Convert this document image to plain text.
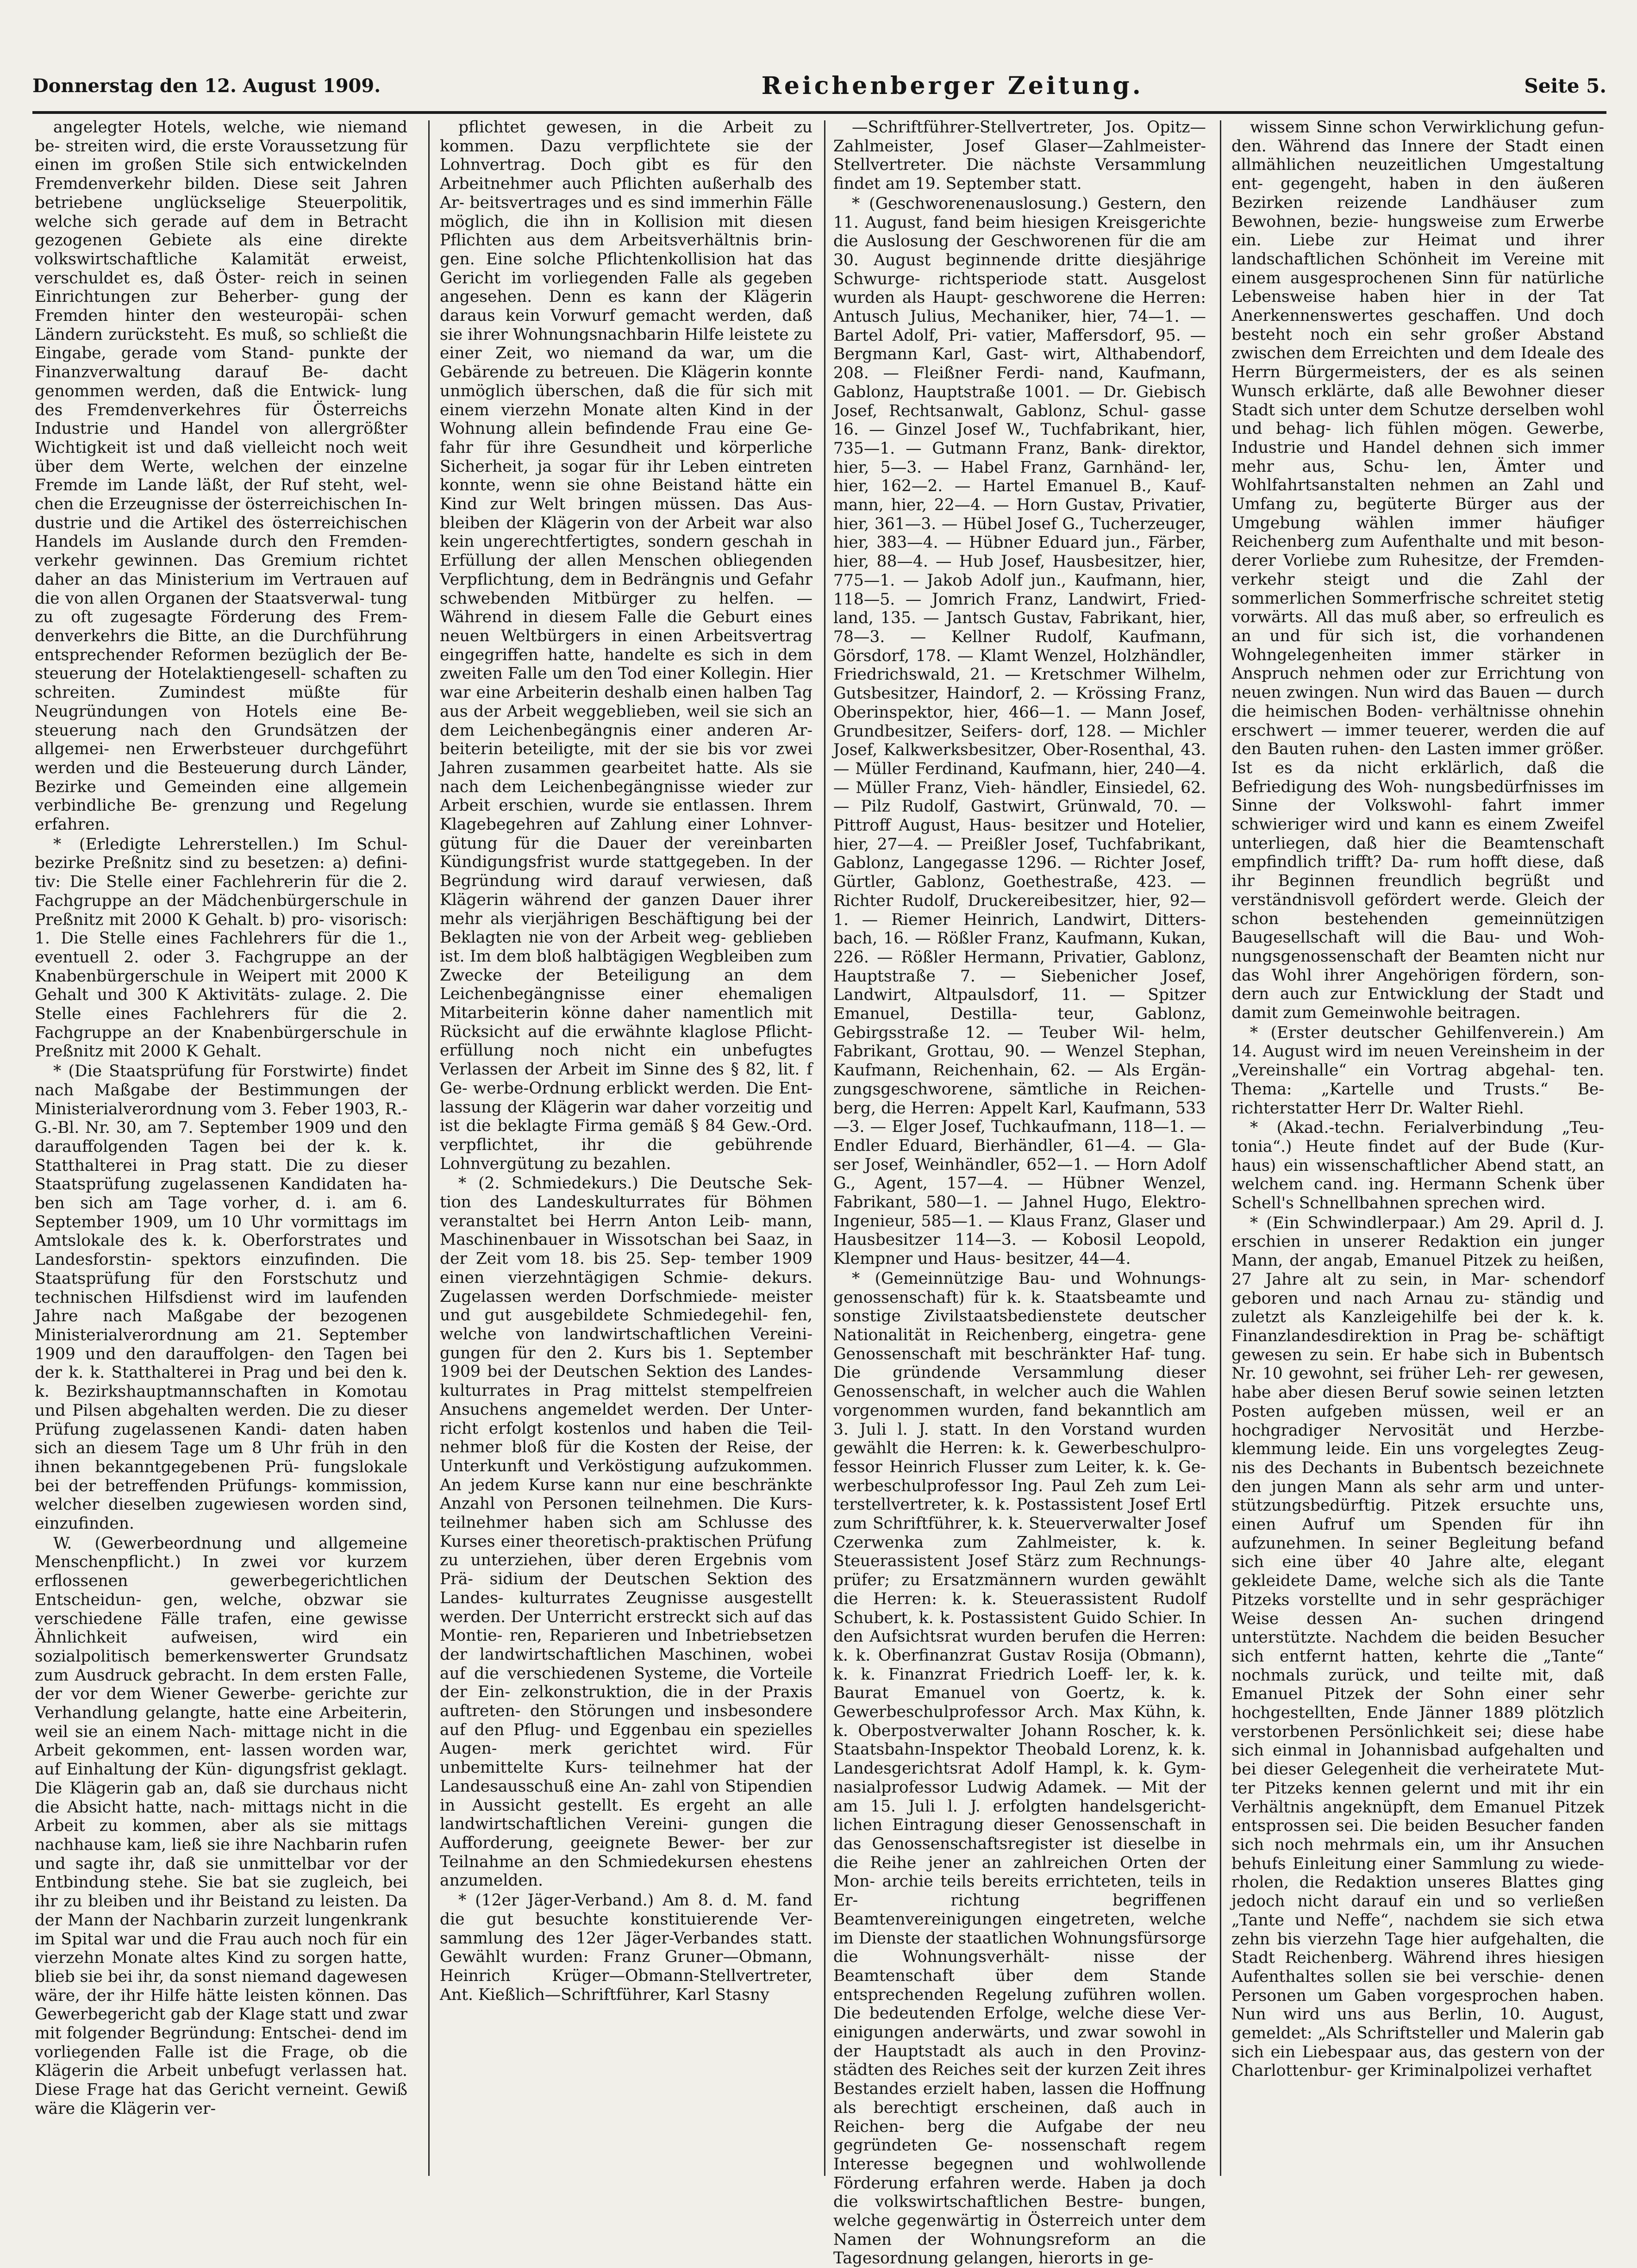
Donnerstag den 12. August 1909.	Reichenberger Zeitung.	Seite 5.

angelegter Hotels, welche, wie niemand be- streiten wird, die erste Voraussetzung für einen im großen Stile sich entwickelnden Fremdenverkehr bilden. Diese seit Jahren betriebene unglückselige Steuerpolitik, welche sich gerade auf dem in Betracht gezogenen Gebiete als eine direkte volkswirtschaftliche Kalamität erweist, verschuldet es, daß Öster- reich in seinen Einrichtungen zur Beherber- gung der Fremden hinter den westeuropäi- schen Ländern zurücksteht. Es muß, so schließt die Eingabe, gerade vom Stand- punkte der Finanzverwaltung darauf Be- dacht genommen werden, daß die Entwick- lung des Fremdenverkehres für Österreichs Industrie und Handel von allergrößter Wichtigkeit ist und daß vielleicht noch weit über dem Werte, welchen der einzelne Fremde im Lande läßt, der Ruf steht, wel- chen die Erzeugnisse der österreichischen In- dustrie und die Artikel des österreichischen Handels im Auslande durch den Fremden- verkehr gewinnen. Das Gremium richtet daher an das Ministerium im Vertrauen auf die von allen Organen der Staatsverwal- tung zu oft zugesagte Förderung des Frem- denverkehrs die Bitte, an die Durchführung entsprechender Reformen bezüglich der Be- steuerung der Hotelaktiengesell- schaften zu schreiten. Zumindest müßte für Neugründungen von Hotels eine Be- steuerung nach den Grundsätzen der allgemei- nen Erwerbsteuer durchgeführt werden und die Besteuerung durch Länder, Bezirke und Gemeinden eine allgemein verbindliche Be- grenzung und Regelung erfahren.

* (Erledigte Lehrerstellen.) Im Schul- bezirke Preßnitz sind zu besetzen: a) defini- tiv: Die Stelle einer Fachlehrerin für die 2. Fachgruppe an der Mädchenbürgerschule in Preßnitz mit 2000 K Gehalt. b) pro- visorisch: 1. Die Stelle eines Fachlehrers für die 1., eventuell 2. oder 3. Fachgruppe an der Knabenbürgerschule in Weipert mit 2000 K Gehalt und 300 K Aktivitäts- zulage. 2. Die Stelle eines Fachlehrers für die 2. Fachgruppe an der Knabenbürgerschule in Preßnitz mit 2000 K Gehalt.

* (Die Staatsprüfung für Forstwirte) findet nach Maßgabe der Bestimmungen der Ministerialverordnung vom 3. Feber 1903, R.-G.-Bl. Nr. 30, am 7. September 1909 und den darauffolgenden Tagen bei der k. k. Statthalterei in Prag statt. Die zu dieser Staatsprüfung zugelassenen Kandidaten ha- ben sich am Tage vorher, d. i. am 6. September 1909, um 10 Uhr vormittags im Amtslokale des k. k. Oberforstrates und Landesforstin- spektors einzufinden. Die Staatsprüfung für den Forstschutz und technischen Hilfsdienst wird im laufenden Jahre nach Maßgabe der bezogenen Ministerialverordnung am 21. September 1909 und den darauffolgen- den Tagen bei der k. k. Statthalterei in Prag und bei den k. k. Bezirkshauptmannschaften in Komotau und Pilsen abgehalten werden. Die zu dieser Prüfung zugelassenen Kandi- daten haben sich an diesem Tage um 8 Uhr früh in den ihnen bekanntgegebenen Prü- fungslokale bei der betreffenden Prüfungs- kommission, welcher dieselben zugewiesen worden sind, einzufinden.

W. (Gewerbeordnung und allgemeine Menschenpflicht.) In zwei vor kurzem erflossenen gewerbegerichtlichen Entscheidun- gen, welche, obzwar sie verschiedene Fälle trafen, eine gewisse Ähnlichkeit aufweisen, wird ein sozialpolitisch bemerkenswerter Grundsatz zum Ausdruck gebracht. In dem ersten Falle, der vor dem Wiener Gewerbe- gerichte zur Verhandlung gelangte, hatte eine Arbeiterin, weil sie an einem Nach- mittage nicht in die Arbeit gekommen, ent- lassen worden war, auf Einhaltung der Kün- digungsfrist geklagt. Die Klägerin gab an, daß sie durchaus nicht die Absicht hatte, nach- mittags nicht in die Arbeit zu kommen, aber als sie mittags nachhause kam, ließ sie ihre Nachbarin rufen und sagte ihr, daß sie unmittelbar vor der Entbindung stehe. Sie bat sie zugleich, bei ihr zu bleiben und ihr Beistand zu leisten. Da der Mann der Nachbarin zurzeit lungenkrank im Spital war und die Frau auch noch für ein vierzehn Monate altes Kind zu sorgen hatte, blieb sie bei ihr, da sonst niemand dagewesen wäre, der ihr Hilfe hätte leisten können. Das Gewerbegericht gab der Klage statt und zwar mit folgender Begründung: Entschei- dend im vorliegenden Falle ist die Frage, ob die Klägerin die Arbeit unbefugt verlassen hat. Diese Frage hat das Gericht verneint. Gewiß wäre die Klägerin ver-

pflichtet gewesen, in die Arbeit zu kommen. Dazu verpflichtete sie der Lohnvertrag. Doch gibt es für den Arbeitnehmer auch Pflichten außerhalb des Ar- beitsvertrages und es sind immerhin Fälle möglich, die ihn in Kollision mit diesen Pflichten aus dem Arbeitsverhältnis brin- gen. Eine solche Pflichtenkollision hat das Gericht im vorliegenden Falle als gegeben angesehen. Denn es kann der Klägerin daraus kein Vorwurf gemacht werden, daß sie ihrer Wohnungsnachbarin Hilfe leistete zu einer Zeit, wo niemand da war, um die Gebärende zu betreuen. Die Klägerin konnte unmöglich überschen, daß die für sich mit einem vierzehn Monate alten Kind in der Wohnung allein befindende Frau eine Ge- fahr für ihre Gesundheit und körperliche Sicherheit, ja sogar für ihr Leben eintreten konnte, wenn sie ohne Beistand hätte ein Kind zur Welt bringen müssen. Das Aus- bleiben der Klägerin von der Arbeit war also kein ungerechtfertigtes, sondern geschah in Erfüllung der allen Menschen obliegenden Verpflichtung, dem in Bedrängnis und Gefahr schwebenden Mitbürger zu helfen. — Während in diesem Falle die Geburt eines neuen Weltbürgers in einen Arbeitsvertrag eingegriffen hatte, handelte es sich in dem zweiten Falle um den Tod einer Kollegin. Hier war eine Arbeiterin deshalb einen halben Tag aus der Arbeit weggeblieben, weil sie sich an dem Leichenbegängnis einer anderen Ar- beiterin beteiligte, mit der sie bis vor zwei Jahren zusammen gearbeitet hatte. Als sie nach dem Leichenbegängnisse wieder zur Arbeit erschien, wurde sie entlassen. Ihrem Klagebegehren auf Zahlung einer Lohnver- gütung für die Dauer der vereinbarten Kündigungsfrist wurde stattgegeben. In der Begründung wird darauf verwiesen, daß Klägerin während der ganzen Dauer ihrer mehr als vierjährigen Beschäftigung bei der Beklagten nie von der Arbeit weg- geblieben ist. Im dem bloß halbtägigen Wegbleiben zum Zwecke der Beteiligung an dem Leichenbegängnisse einer ehemaligen Mitarbeiterin könne daher namentlich mit Rücksicht auf die erwähnte klaglose Pflicht- erfüllung noch nicht ein unbefugtes Verlassen der Arbeit im Sinne des § 82, lit. f Ge- werbe-Ordnung erblickt werden. Die Ent- lassung der Klägerin war daher vorzeitig und ist die beklagte Firma gemäß § 84 Gew.-Ord. verpflichtet, ihr die gebührende Lohnvergütung zu bezahlen.

* (2. Schmiedekurs.) Die Deutsche Sek- tion des Landeskulturrates für Böhmen veranstaltet bei Herrn Anton Leib- mann, Maschinenbauer in Wissotschan bei Saaz, in der Zeit vom 18. bis 25. Sep- tember 1909 einen vierzehntägigen Schmie- dekurs. Zugelassen werden Dorfschmiede- meister und gut ausgebildete Schmiedegehil- fen, welche von landwirtschaftlichen Vereini- gungen für den 2. Kurs bis 1. September 1909 bei der Deutschen Sektion des Landes- kulturrates in Prag mittelst stempelfreien Ansuchens angemeldet werden. Der Unter- richt erfolgt kostenlos und haben die Teil- nehmer bloß für die Kosten der Reise, der Unterkunft und Verköstigung aufzukommen. An jedem Kurse kann nur eine beschränkte Anzahl von Personen teilnehmen. Die Kurs- teilnehmer haben sich am Schlusse des Kurses einer theoretisch-praktischen Prüfung zu unterziehen, über deren Ergebnis vom Prä- sidium der Deutschen Sektion des Landes- kulturrates Zeugnisse ausgestellt werden. Der Unterricht erstreckt sich auf das Montie- ren, Reparieren und Inbetriebsetzen der landwirtschaftlichen Maschinen, wobei auf die verschiedenen Systeme, die Vorteile der Ein- zelkonstruktion, die in der Praxis auftreten- den Störungen und insbesondere auf den Pflug- und Eggenbau ein spezielles Augen- merk gerichtet wird. Für unbemittelte Kurs- teilnehmer hat der Landesausschuß eine An- zahl von Stipendien in Aussicht gestellt. Es ergeht an alle landwirtschaftlichen Vereini- gungen die Aufforderung, geeignete Bewer- ber zur Teilnahme an den Schmiedekursen ehestens anzumelden.

* (12er Jäger-Verband.) Am 8. d. M. fand die gut besuchte konstituierende Ver- sammlung des 12er Jäger-Verbandes statt. Gewählt wurden: Franz Gruner—Obmann, Heinrich Krüger—Obmann-Stellvertreter, Ant. Kießlich—Schriftführer, Karl Stasny

—Schriftführer-Stellvertreter, Jos. Opitz— Zahlmeister, Josef Glaser—Zahlmeister- Stellvertreter. Die nächste Versammlung findet am 19. September statt.

* (Geschworenenauslosung.) Gestern, den 11. August, fand beim hiesigen Kreisgerichte die Auslosung der Geschworenen für die am 30. August beginnende dritte diesjährige Schwurge- richtsperiode statt. Ausgelost wurden als Haupt- geschworene die Herren: Antusch Julius, Mechaniker, hier, 74—1. — Bartel Adolf, Pri- vatier, Maffersdorf, 95. — Bergmann Karl, Gast- wirt, Althabendorf, 208. — Fleißner Ferdi- nand, Kaufmann, Gablonz, Hauptstraße 1001. — Dr. Giebisch Josef, Rechtsanwalt, Gablonz, Schul- gasse 16. — Ginzel Josef W., Tuchfabrikant, hier, 735—1. — Gutmann Franz, Bank- direktor, hier, 5—3. — Habel Franz, Garnhänd- ler, hier, 162—2. — Hartel Emanuel B., Kauf- mann, hier, 22—4. — Horn Gustav, Privatier, hier, 361—3. — Hübel Josef G., Tucherzeuger, hier, 383—4. — Hübner Eduard jun., Färber, hier, 88—4. — Hub Josef, Hausbesitzer, hier, 775—1. — Jakob Adolf jun., Kaufmann, hier, 118—5. — Jomrich Franz, Landwirt, Fried- land, 135. — Jantsch Gustav, Fabrikant, hier, 78—3. — Kellner Rudolf, Kaufmann, Görsdorf, 178. — Klamt Wenzel, Holzhändler, Friedrichswald, 21. — Kretschmer Wilhelm, Gutsbesitzer, Haindorf, 2. — Krössing Franz, Oberinspektor, hier, 466—1. — Mann Josef, Grundbesitzer, Seifers- dorf, 128. — Michler Josef, Kalkwerksbesitzer, Ober-Rosenthal, 43. — Müller Ferdinand, Kaufmann, hier, 240—4. — Müller Franz, Vieh- händler, Einsiedel, 62. — Pilz Rudolf, Gastwirt, Grünwald, 70. — Pittroff August, Haus- besitzer und Hotelier, hier, 27—4. — Preißler Josef, Tuchfabrikant, Gablonz, Langegasse 1296. — Richter Josef, Gürtler, Gablonz, Goethestraße, 423. — Richter Rudolf, Druckereibesitzer, hier, 92—1. — Riemer Heinrich, Landwirt, Ditters- bach, 16. — Rößler Franz, Kaufmann, Kukan, 226. — Rößler Hermann, Privatier, Gablonz, Hauptstraße 7. — Siebenicher Josef, Landwirt, Altpaulsdorf, 11. — Spitzer Emanuel, Destilla- teur, Gablonz, Gebirgsstraße 12. — Teuber Wil- helm, Fabrikant, Grottau, 90. — Wenzel Stephan, Kaufmann, Reichenhain, 62. — Als Ergän- zungsgeschworene, sämtliche in Reichen- berg, die Herren: Appelt Karl, Kaufmann, 533—3. — Elger Josef, Tuchkaufmann, 118—1. — Endler Eduard, Bierhändler, 61—4. — Gla- ser Josef, Weinhändler, 652—1. — Horn Adolf G., Agent, 157—4. — Hübner Wenzel, Fabrikant, 580—1. — Jahnel Hugo, Elektro-Ingenieur, 585—1. — Klaus Franz, Glaser und Hausbesitzer 114—3. — Kobosil Leopold, Klempner und Haus- besitzer, 44—4.

* (Gemeinnützige Bau- und Wohnungs- genossenschaft) für k. k. Staatsbeamte und sonstige Zivilstaatsbedienstete deutscher Nationalität in Reichenberg, eingetra- gene Genossenschaft mit beschränkter Haf- tung. Die gründende Versammlung dieser Genossenschaft, in welcher auch die Wahlen vorgenommen wurden, fand bekanntlich am 3. Juli l. J. statt. In den Vorstand wurden gewählt die Herren: k. k. Gewerbeschulpro- fessor Heinrich Flusser zum Leiter, k. k. Ge- werbeschulprofessor Ing. Paul Zeh zum Lei- terstellvertreter, k. k. Postassistent Josef Ertl zum Schriftführer, k. k. Steuerverwalter Josef Czerwenka zum Zahlmeister, k. k. Steuerassistent Josef Stärz zum Rechnungs- prüfer; zu Ersatzmännern wurden gewählt die Herren: k. k. Steuerassistent Rudolf Schubert, k. k. Postassistent Guido Schier. In den Aufsichtsrat wurden berufen die Herren: k. k. Oberfinanzrat Gustav Rosija (Obmann), k. k. Finanzrat Friedrich Loeff- ler, k. k. Baurat Emanuel von Goertz, k. k. Gewerbeschulprofessor Arch. Max Kühn, k. k. Oberpostverwalter Johann Roscher, k. k. Staatsbahn-Inspektor Theobald Lorenz, k. k. Landesgerichtsrat Adolf Hampl, k. k. Gym- nasialprofessor Ludwig Adamek. — Mit der am 15. Juli l. J. erfolgten handelsgericht- lichen Eintragung dieser Genossenschaft in das Genossenschaftsregister ist dieselbe in die Reihe jener an zahlreichen Orten der Mon- archie teils bereits errichteten, teils in Er- richtung begriffenen Beamtenvereinigungen eingetreten, welche im Dienste der staatlichen Wohnungsfürsorge die Wohnungsverhält- nisse der Beamtenschaft über dem Stande entsprechenden Regelung zuführen wollen. Die bedeutenden Erfolge, welche diese Ver- einigungen anderwärts, und zwar sowohl in der Hauptstadt als auch in den Provinz- städten des Reiches seit der kurzen Zeit ihres Bestandes erzielt haben, lassen die Hoffnung als berechtigt erscheinen, daß auch in Reichen- berg die Aufgabe der neu gegründeten Ge- nossenschaft regem Interesse begegnen und wohlwollende Förderung erfahren werde. Haben ja doch die volkswirtschaftlichen Bestre- bungen, welche gegenwärtig in Österreich unter dem Namen der Wohnungsreform an die Tagesordnung gelangen, hierorts in ge-

wissem Sinne schon Verwirklichung gefun- den. Während das Innere der Stadt einen allmählichen neuzeitlichen Umgestaltung ent- gegengeht, haben in den äußeren Bezirken reizende Landhäuser zum Bewohnen, bezie- hungsweise zum Erwerbe ein. Liebe zur Heimat und ihrer landschaftlichen Schönheit im Vereine mit einem ausgesprochenen Sinn für natürliche Lebensweise haben hier in der Tat Anerkennenswertes geschaffen. Und doch besteht noch ein sehr großer Abstand zwischen dem Erreichten und dem Ideale des Herrn Bürgermeisters, der es als seinen Wunsch erklärte, daß alle Bewohner dieser Stadt sich unter dem Schutze derselben wohl und behag- lich fühlen mögen. Gewerbe, Industrie und Handel dehnen sich immer mehr aus, Schu- len, Ämter und Wohlfahrtsanstalten nehmen an Zahl und Umfang zu, begüterte Bürger aus der Umgebung wählen immer häufiger Reichenberg zum Aufenthalte und mit beson- derer Vorliebe zum Ruhesitze, der Fremden- verkehr steigt und die Zahl der sommerlichen Sommerfrische schreitet stetig vorwärts. All das muß aber, so erfreulich es an und für sich ist, die vorhandenen Wohngelegenheiten immer stärker in Anspruch nehmen oder zur Errichtung von neuen zwingen. Nun wird das Bauen — durch die heimischen Boden- verhältnisse ohnehin erschwert — immer teuerer, werden die auf den Bauten ruhen- den Lasten immer größer. Ist es da nicht erklärlich, daß die Befriedigung des Woh- nungsbedürfnisses im Sinne der Volkswohl- fahrt immer schwieriger wird und kann es einem Zweifel unterliegen, daß hier die Beamtenschaft empfindlich trifft? Da- rum hofft diese, daß ihr Beginnen freundlich begrüßt und verständnisvoll gefördert werde. Gleich der schon bestehenden gemeinnützigen Baugesellschaft will die Bau- und Woh- nungsgenossenschaft der Beamten nicht nur das Wohl ihrer Angehörigen fördern, son- dern auch zur Entwicklung der Stadt und damit zum Gemeinwohle beitragen.

* (Erster deutscher Gehilfenverein.) Am 14. August wird im neuen Vereinsheim in der „Vereinshalle“ ein Vortrag abgehal- ten. Thema: „Kartelle und Trusts.“ Be- richterstatter Herr Dr. Walter Riehl.

* (Akad.-techn. Ferialverbindung „Teu- tonia“.) Heute findet auf der Bude (Kur- haus) ein wissenschaftlicher Abend statt, an welchem cand. ing. Hermann Schenk über Schell's Schnellbahnen sprechen wird.

* (Ein Schwindlerpaar.) Am 29. April d. J. erschien in unserer Redaktion ein junger Mann, der angab, Emanuel Pitzek zu heißen, 27 Jahre alt zu sein, in Mar- schendorf geboren und nach Arnau zu- ständig und zuletzt als Kanzleigehilfe bei der k. k. Finanzlandesdirektion in Prag be- schäftigt gewesen zu sein. Er habe sich in Bubentsch Nr. 10 gewohnt, sei früher Leh- rer gewesen, habe aber diesen Beruf sowie seinen letzten Posten aufgeben müssen, weil er an hochgradiger Nervosität und Herzbe- klemmung leide. Ein uns vorgelegtes Zeug- nis des Dechants in Bubentsch bezeichnete den jungen Mann als sehr arm und unter- stützungsbedürftig. Pitzek ersuchte uns, einen Aufruf um Spenden für ihn aufzunehmen. In seiner Begleitung befand sich eine über 40 Jahre alte, elegant gekleidete Dame, welche sich als die Tante Pitzeks vorstellte und in sehr gesprächiger Weise dessen An- suchen dringend unterstützte. Nachdem die beiden Besucher sich entfernt hatten, kehrte die „Tante“ nochmals zurück, und teilte mit, daß Emanuel Pitzek der Sohn einer sehr hochgestellten, Ende Jänner 1889 plötzlich verstorbenen Persönlichkeit sei; diese habe sich einmal in Johannisbad aufgehalten und bei dieser Gelegenheit die verheiratete Mut- ter Pitzeks kennen gelernt und mit ihr ein Verhältnis angeknüpft, dem Emanuel Pitzek entsprossen sei. Die beiden Besucher fanden sich noch mehrmals ein, um ihr Ansuchen behufs Einleitung einer Sammlung zu wiede- rholen, die Redaktion unseres Blattes ging jedoch nicht darauf ein und so verließen „Tante und Neffe“, nachdem sie sich etwa zehn bis vierzehn Tage hier aufgehalten, die Stadt Reichenberg. Während ihres hiesigen Aufenthaltes sollen sie bei verschie- denen Personen um Gaben vorgesprochen haben. Nun wird uns aus Berlin, 10. August, gemeldet: „Als Schriftsteller und Malerin gab sich ein Liebespaar aus, das gestern von der Charlottenbur- ger Kriminalpolizei verhaftet
